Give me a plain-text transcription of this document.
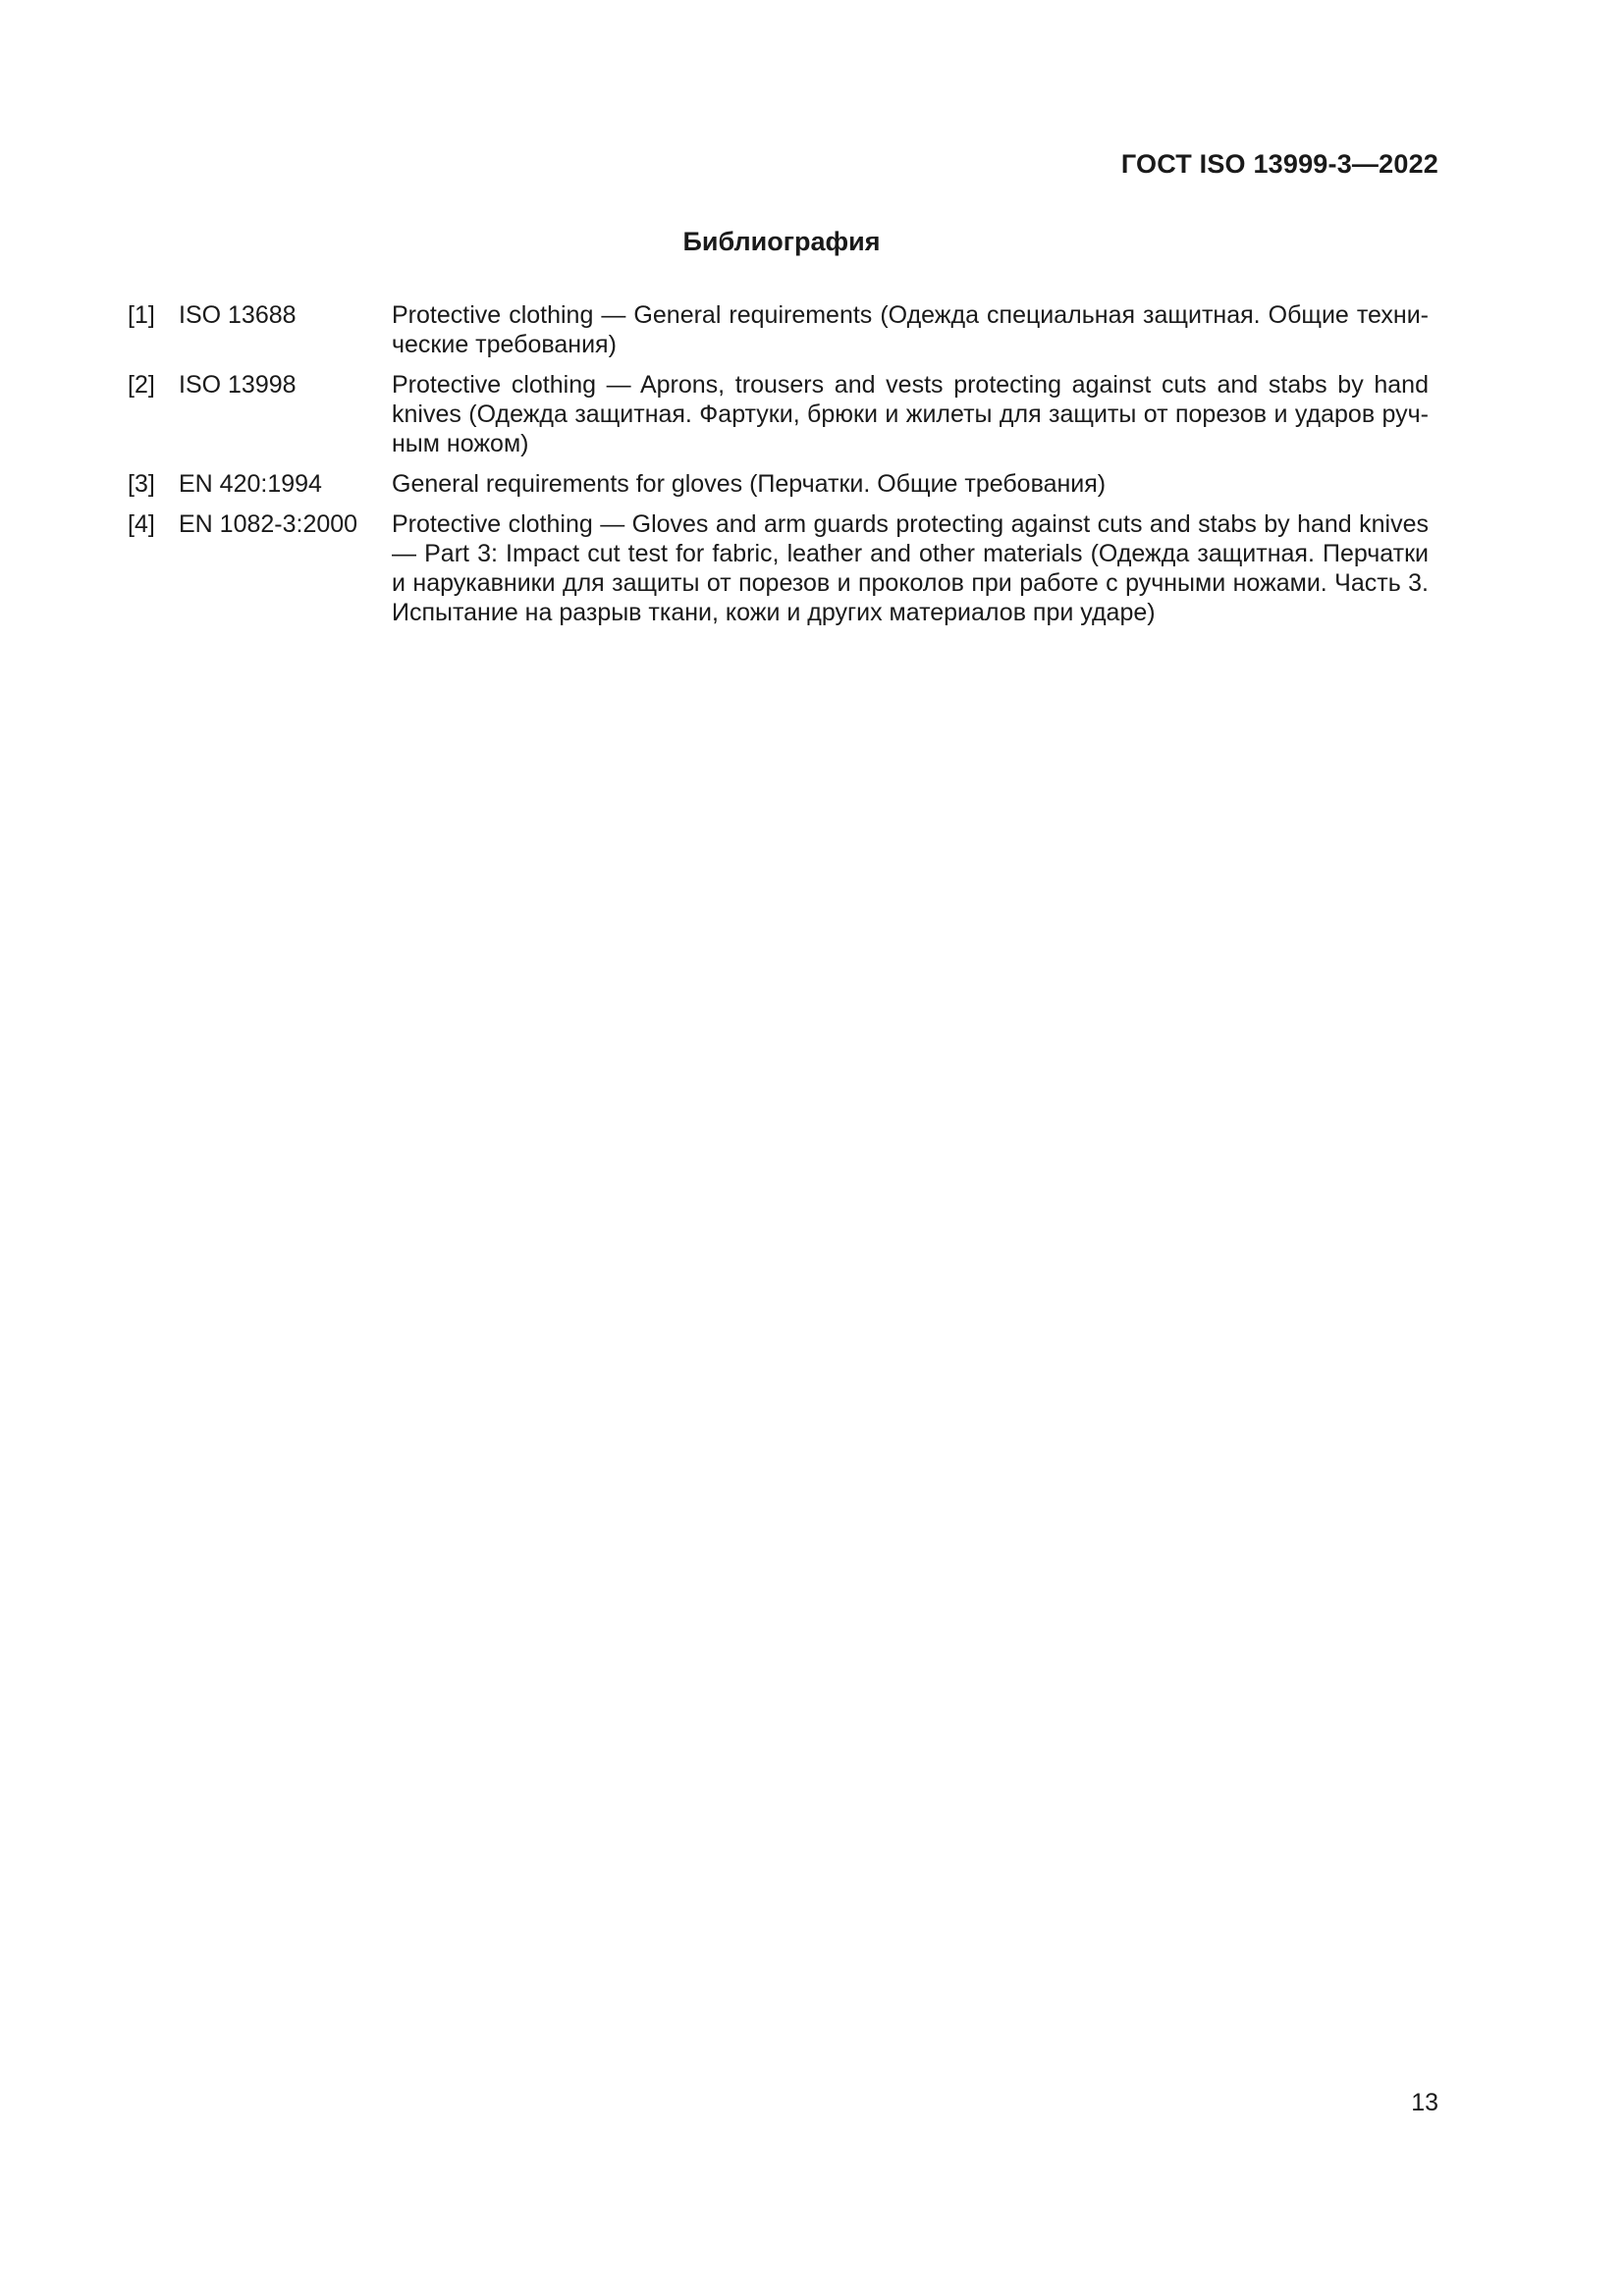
ГОСТ ISO 13999-3—2022
Библиография
[1] ISO 13688	Protective clothing — General requirements (Одежда специальная защитная. Общие технические требования)
[2] ISO 13998	Protective clothing — Aprons, trousers and vests protecting against cuts and stabs by hand knives (Одежда защитная. Фартуки, брюки и жилеты для защиты от порезов и ударов ручным ножом)
[3] EN 420:1994	General requirements for gloves (Перчатки. Общие требования)
[4] EN 1082-3:2000	Protective clothing — Gloves and arm guards protecting against cuts and stabs by hand knives — Part 3: Impact cut test for fabric, leather and other materials (Одежда защитная. Перчатки и нарукавники для защиты от порезов и проколов при работе с ручными ножами. Часть 3. Испытание на разрыв ткани, кожи и других материалов при ударе)
13
